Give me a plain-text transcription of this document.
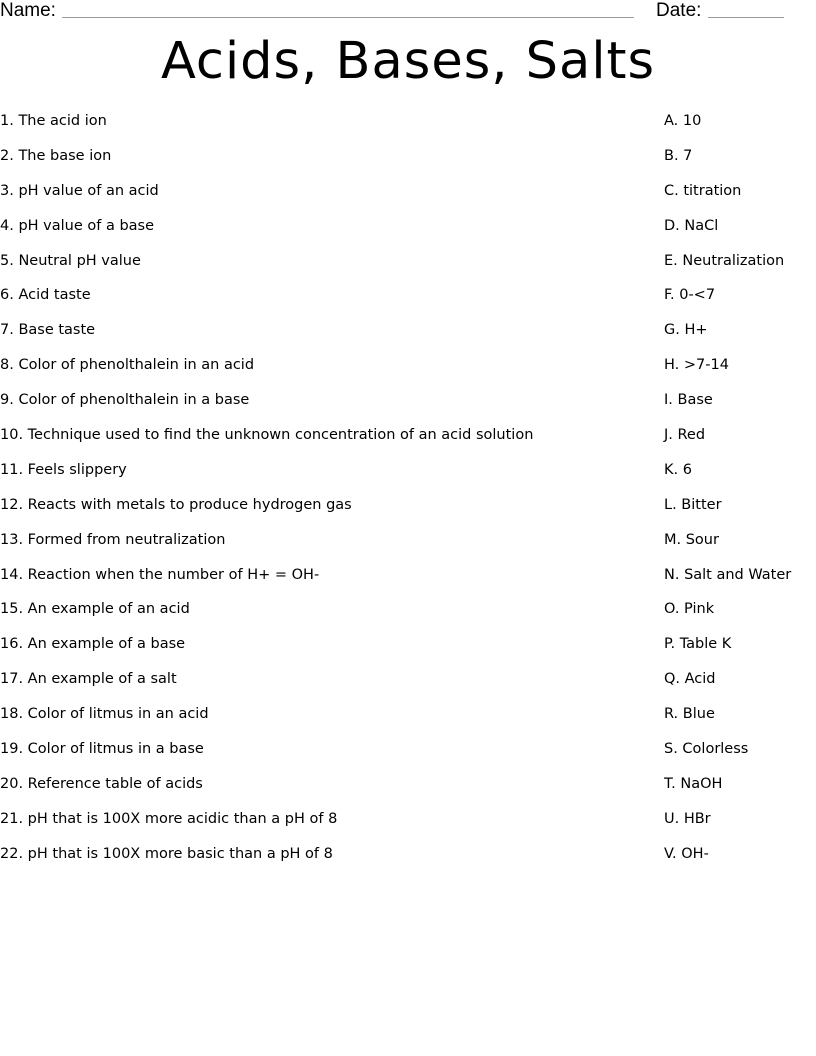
Name:	Date:
Acids, Bases, Salts
1. The acid ion	A. 10
2. The base ion	B. 7
3. pH value of an acid	C. titration
4. pH value of a base	D. NaCl
5. Neutral pH value	E. Neutralization
6. Acid taste	F. 0-<7
7. Base taste	G. H+
8. Color of phenolthalein in an acid	H. >7-14
9. Color of phenolthalein in a base	I. Base
10. Technique used to find the unknown concentration of an acid solution	J. Red
11. Feels slippery	K. 6
12. Reacts with metals to produce hydrogen gas	L. Bitter
13. Formed from neutralization	M. Sour
14. Reaction when the number of H+ = OH-	N. Salt and Water
15. An example of an acid	O. Pink
16. An example of a base	P. Table K
17. An example of a salt	Q. Acid
18. Color of litmus in an acid	R. Blue
19. Color of litmus in a base	S. Colorless
20. Reference table of acids	T. NaOH
21. pH that is 100X more acidic than a pH of 8	U. HBr
22. pH that is 100X more basic than a pH of 8	V. OH-
